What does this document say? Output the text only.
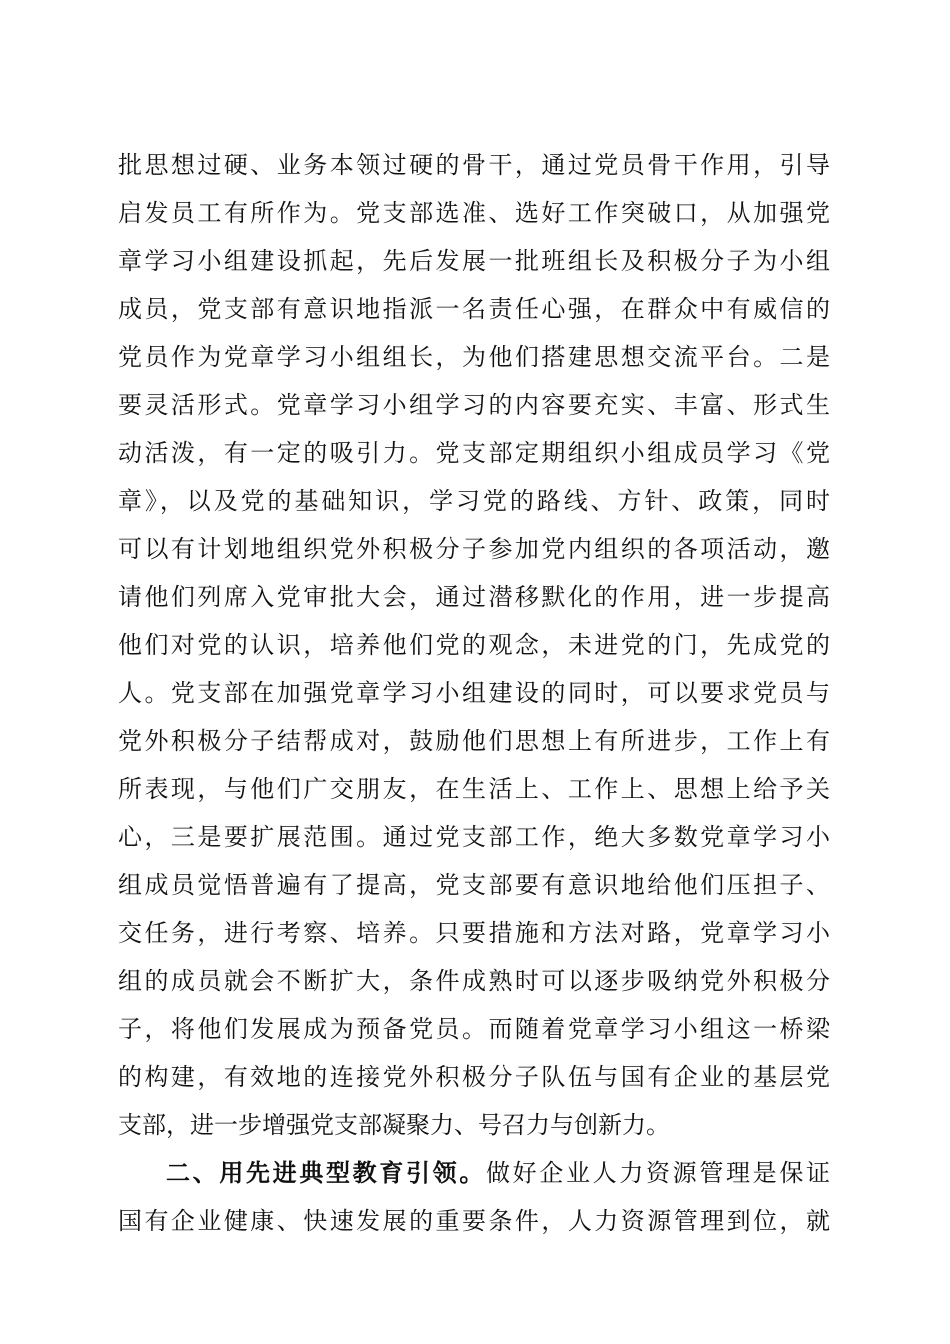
批思想过硬、业务本领过硬的骨干，通过党员骨干作用，引导
启发员工有所作为。党支部选准、选好工作突破口，从加强党
章学习小组建设抓起，先后发展一批班组长及积极分子为小组
成员，党支部有意识地指派一名责任心强，在群众中有威信的
党员作为党章学习小组组长，为他们搭建思想交流平台。二是
要灵活形式。党章学习小组学习的内容要充实、丰富、形式生
动活泼，有一定的吸引力。党支部定期组织小组成员学习《党
章》，以及党的基础知识，学习党的路线、方针、政策，同时
可以有计划地组织党外积极分子参加党内组织的各项活动，邀
请他们列席入党审批大会，通过潜移默化的作用，进一步提高
他们对党的认识，培养他们党的观念，未进党的门，先成党的
人。党支部在加强党章学习小组建设的同时，可以要求党员与
党外积极分子结帮成对，鼓励他们思想上有所进步，工作上有
所表现，与他们广交朋友，在生活上、工作上、思想上给予关
心，三是要扩展范围。通过党支部工作，绝大多数党章学习小
组成员觉悟普遍有了提高，党支部要有意识地给他们压担子、
交任务，进行考察、培养。只要措施和方法对路，党章学习小
组的成员就会不断扩大，条件成熟时可以逐步吸纳党外积极分
子，将他们发展成为预备党员。而随着党章学习小组这一桥梁
的构建，有效地的连接党外积极分子队伍与国有企业的基层党
支部，进一步增强党支部凝聚力、号召力与创新力。
二、用先进典型教育引领。做好企业人力资源管理是保证
国有企业健康、快速发展的重要条件，人力资源管理到位，就
